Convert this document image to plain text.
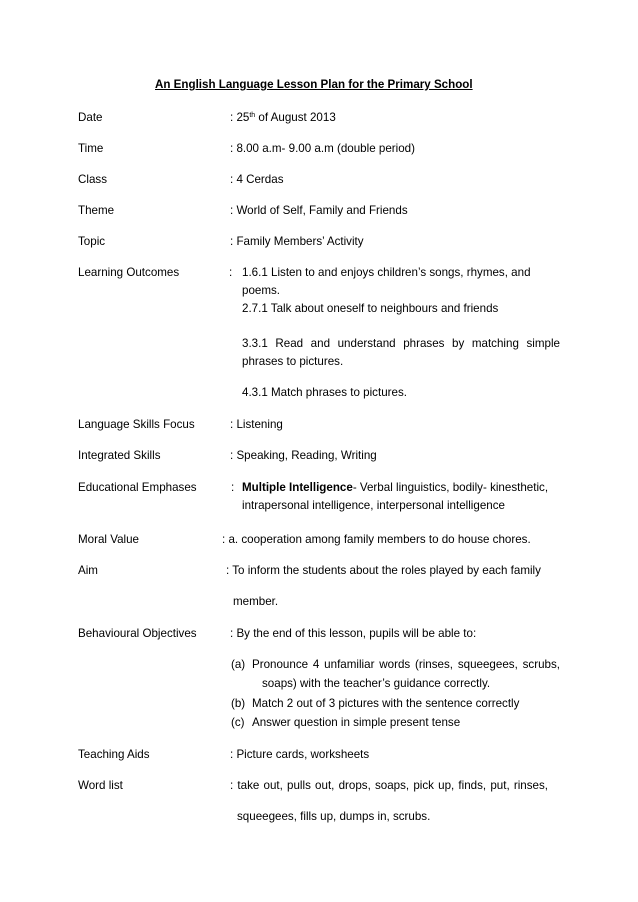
An English Language Lesson Plan for the Primary School
Date	: 25th of August 2013
Time	: 8.00 a.m- 9.00 a.m (double period)
Class	: 4 Cerdas
Theme	: World of Self, Family and Friends
Topic	: Family Members’ Activity
Learning Outcomes	: 1.6.1 Listen to and enjoys children’s songs, rhymes, and
poems.
2.7.1 Talk about oneself to neighbours and friends
3.3.1 Read and understand phrases by matching simple
phrases to pictures.
4.3.1 Match phrases to pictures.
Language Skills Focus	: Listening
Integrated Skills	: Speaking, Reading, Writing
Educational Emphases	: Multiple Intelligence- Verbal linguistics, bodily- kinesthetic,
intrapersonal intelligence, interpersonal intelligence
Moral Value	: a. cooperation among family members to do house chores.
Aim	: To inform the students about the roles played by each family
member.
Behavioural Objectives	: By the end of this lesson, pupils will be able to:
(a) Pronounce 4 unfamiliar words (rinses, squeegees, scrubs,
soaps) with the teacher’s guidance correctly.
(b) Match 2 out of 3 pictures with the sentence correctly
(c) Answer question in simple present tense
Teaching Aids	: Picture cards, worksheets
Word list	: take out, pulls out, drops, soaps, pick up, finds, put, rinses,
squeegees, fills up, dumps in, scrubs.
